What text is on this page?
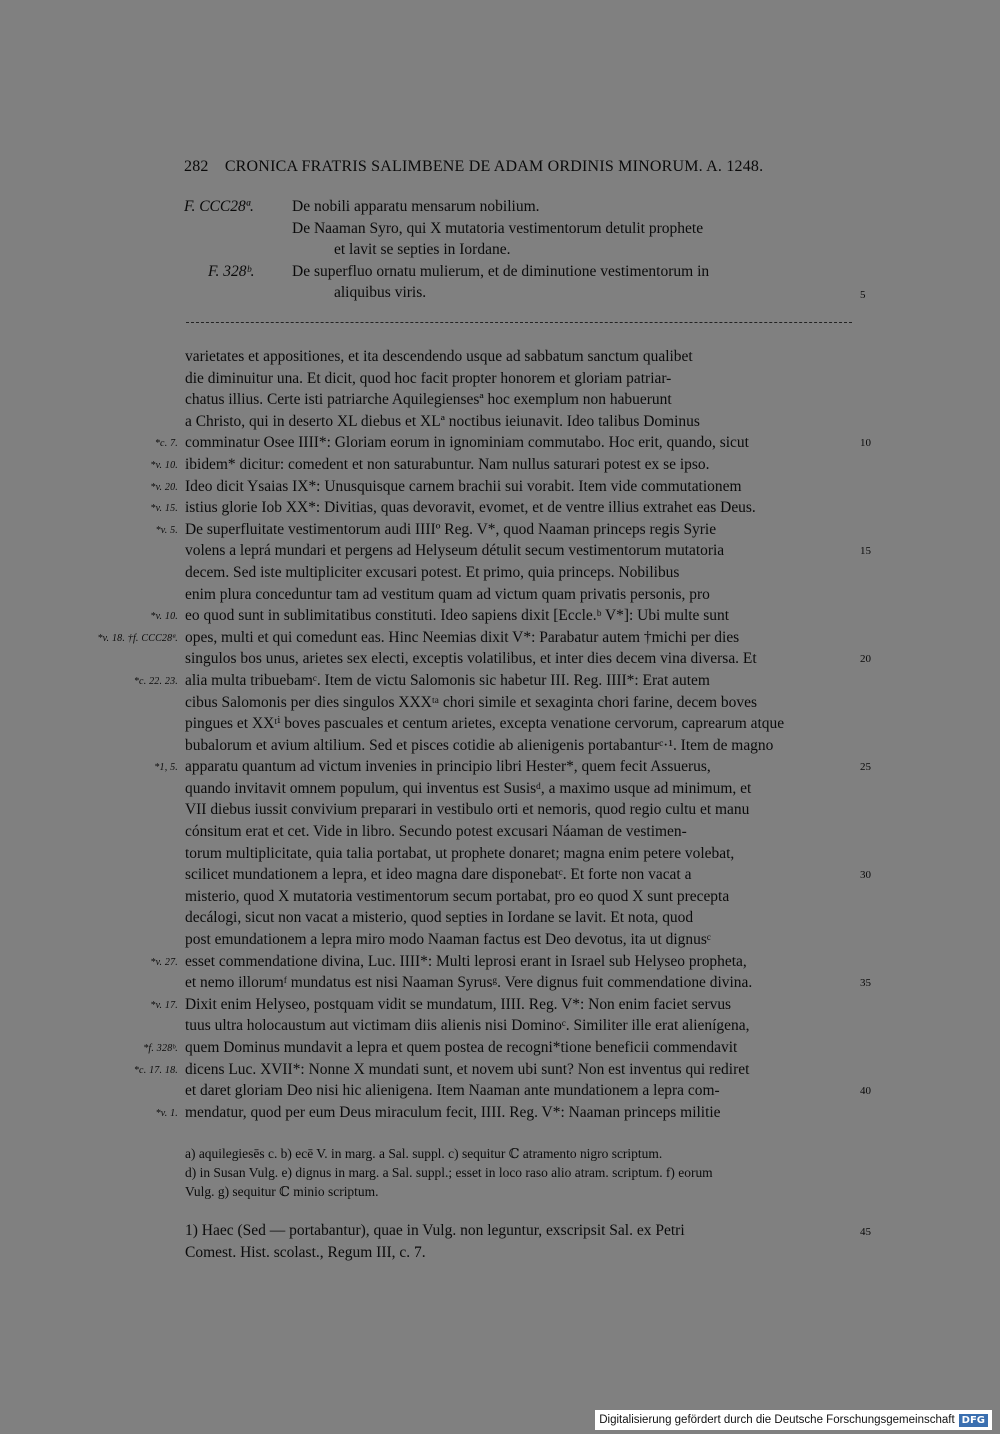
282 CRONICA FRATRIS SALIMBENE DE ADAM ORDINIS MINORUM. A. 1248.
F. CCC28ª. De nobili apparatu mensarum nobilium.
De Naaman Syro, qui X mutatoria vestimentorum detulit prophete
et lavit se septies in Iordane.
F. 328ᵇ. De superfluo ornatu mulierum, et de diminutione vestimentorum in
aliquibus viris.	5
varietates et appositiones, et ita descendendo usque ad sabbatum sanctum qualibet
die diminuitur una. Et dicit, quod hoc facit propter honorem et gloriam patriar-
chatus illius. Certe isti patriarche Aquilegiensesª hoc exemplum non habuerunt
a Christo, qui in deserto XL diebus et XLª noctibus ieiunavit. Ideo talibus Dominus
*c. 7. comminatur Osee IIII*: Gloriam eorum in ignominiam commutabo. Hoc erit, quando, sicut	10
*v. 10. ibidem* dicitur: comedent et non saturabuntur. Nam nullus saturari potest ex se ipso.
*v. 20. Ideo dicit Ysaias IX*: Unusquisque carnem brachii sui vorabit. Item vide commutationem
*v. 15. istius glorie Iob XX*: Divitias, quas devoravit, evomet, et de ventre illius extrahet eas Deus.
*v. 5. De superfluitate vestimentorum audi IIIIº Reg. V*, quod Naaman princeps regis Syrie
volens a leprá mundari et pergens ad Helyseum détulit secum vestimentorum mutatoria	15
decem. Sed iste multipliciter excusari potest. Et primo, quia princeps. Nobilibus
enim plura conceduntur tam ad vestitum quam ad victum quam privatis personis, pro
*v. 10. eo quod sunt in sublimitatibus constituti. Ideo sapiens dixit [Eccle.ᵇ V*]: Ubi multe sunt
*v. 18. †f. CCC28ª. opes, multi et qui comedunt eas. Hinc Neemias dixit V*: Parabatur autem †michi per dies
singulos bos unus, arietes sex electi, exceptis volatilibus, et inter dies decem vina diversa. Et	20
*c. 22. 23. alia multa tribuebamᶜ. Item de victu Salomonis sic habetur III. Reg. IIII*: Erat autem
cibus Salomonis per dies singulos XXXᵗᵃ chori simile et sexaginta chori farine, decem boves
pingues et XXᵗⁱ boves pascuales et centum arietes, excepta venatione cervorum, caprearum atque
bubalorum et avium altilium. Sed et pisces cotidie ab alienigenis portabanturᶜ·¹. Item de magno
*1, 5. apparatu quantum ad victum invenies in principio libri Hester*, quem fecit Assuerus,	25
quando invitavit omnem populum, qui inventus est Susisᵈ, a maximo usque ad minimum, et
VII diebus iussit convivium preparari in vestibulo orti et nemoris, quod regio cultu et manu
cónsitum erat et cet. Vide in libro. Secundo potest excusari Náaman de vestimen-
torum multiplicitate, quia talia portabat, ut prophete donaret; magna enim petere volebat,
scilicet mundationem a lepra, et ideo magna dare disponebatᶜ. Et forte non vacat a	30
misterio, quod X mutatoria vestimentorum secum portabat, pro eo quod X sunt precepta
decálogi, sicut non vacat a misterio, quod septies in Iordane se lavit. Et nota, quod
post emundationem a lepra miro modo Naaman factus est Deo devotus, ita ut dignusᶜ
*v. 27. esset commendatione divina, Luc. IIII*: Multi leprosi erant in Israel sub Helyseo propheta,
et nemo illorumᶠ mundatus est nisi Naaman Syrusᵍ. Vere dignus fuit commendatione divina.	35
*v. 17. Dixit enim Helyseo, postquam vidit se mundatum, IIII. Reg. V*: Non enim faciet servus
tuus ultra holocaustum aut victimam diis alienis nisi Dominoᶜ. Similiter ille erat alienígena,
*f. 328ᵇ. quem Dominus mundavit a lepra et quem postea de recogni*tione beneficii commendavit
*c. 17. 18. dicens Luc. XVII*: Nonne X mundati sunt, et novem ubi sunt? Non est inventus qui rediret
et daret gloriam Deo nisi hic alienigena. Item Naaman ante mundationem a lepra com-	40
*v. 1. mendatur, quod per eum Deus miraculum fecit, IIII. Reg. V*: Naaman princeps militie
a) aquilegiesēs c. b) ecē V. in marg. a Sal. suppl. c) sequitur ℂ atramento nigro scriptum.d) in Susan Vulg. e) dignus in marg. a Sal. suppl.; esset in loco raso alio atram. scriptum. f) eorumVulg. g) sequitur ℂ minio scriptum.
1) Haec (Sed — portabantur), quae in Vulg. non leguntur, exscripsit Sal. ex Petri	45
Comest. Hist. scolast., Regum III, c. 7.
Digitalisierung gefördert durch die Deutsche Forschungsgemeinschaft DFG
